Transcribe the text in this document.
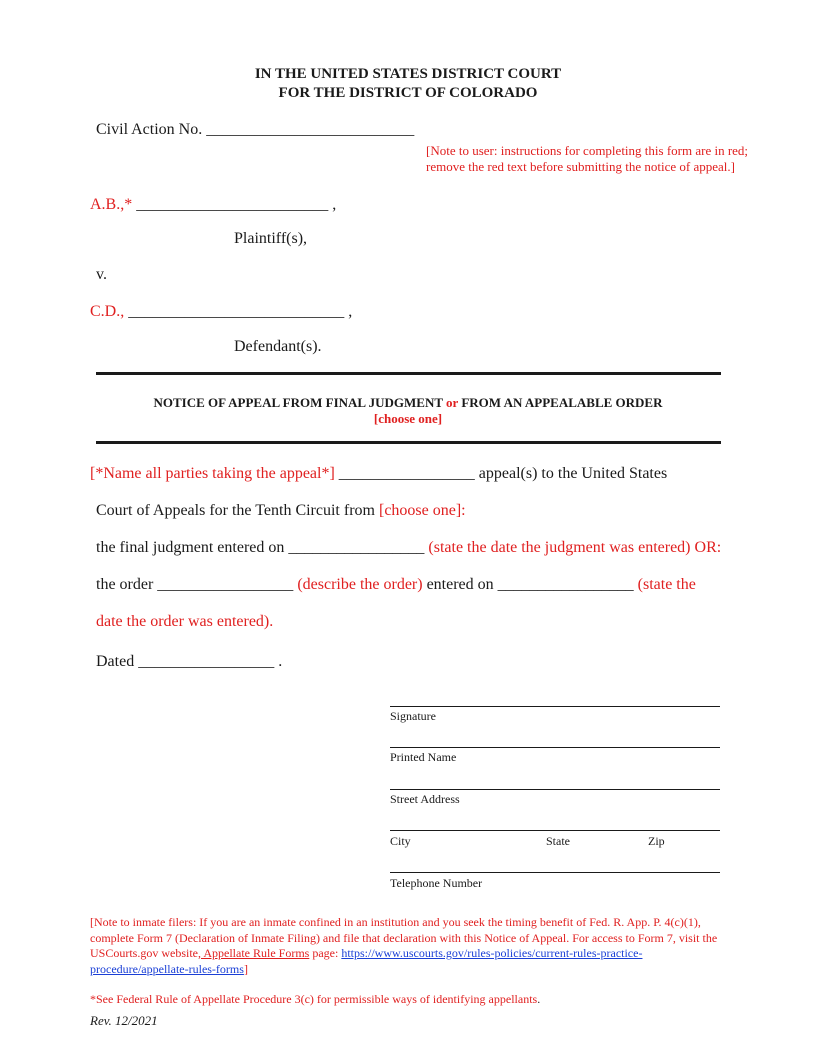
IN THE UNITED STATES DISTRICT COURT
FOR THE DISTRICT OF COLORADO
Civil Action No. __________________________
[Note to user: instructions for completing this form are in red; remove the red text before submitting the notice of appeal.]
A.B.,* ________________________ ,
Plaintiff(s),
v.
C.D., ___________________________ ,
Defendant(s).
NOTICE OF APPEAL FROM FINAL JUDGMENT or FROM AN APPEALABLE ORDER
[choose one]
[*Name all parties taking the appeal*] _________________ appeal(s) to the United States
Court of Appeals for the Tenth Circuit from [choose one]:
the final judgment entered on _________________ (state the date the judgment was entered) OR:
the order _________________ (describe the order) entered on _________________ (state the
date the order was entered).
Dated _________________ .
Signature
Printed Name
Street Address
City	State	Zip
Telephone Number
[Note to inmate filers: If you are an inmate confined in an institution and you seek the timing benefit of Fed. R. App. P. 4(c)(1), complete Form 7 (Declaration of Inmate Filing) and file that declaration with this Notice of Appeal. For access to Form 7, visit the USCourts.gov website, Appellate Rule Forms page: https://www.uscourts.gov/rules-policies/current-rules-practice-procedure/appellate-rules-forms]
*See Federal Rule of Appellate Procedure 3(c) for permissible ways of identifying appellants.
Rev. 12/2021
